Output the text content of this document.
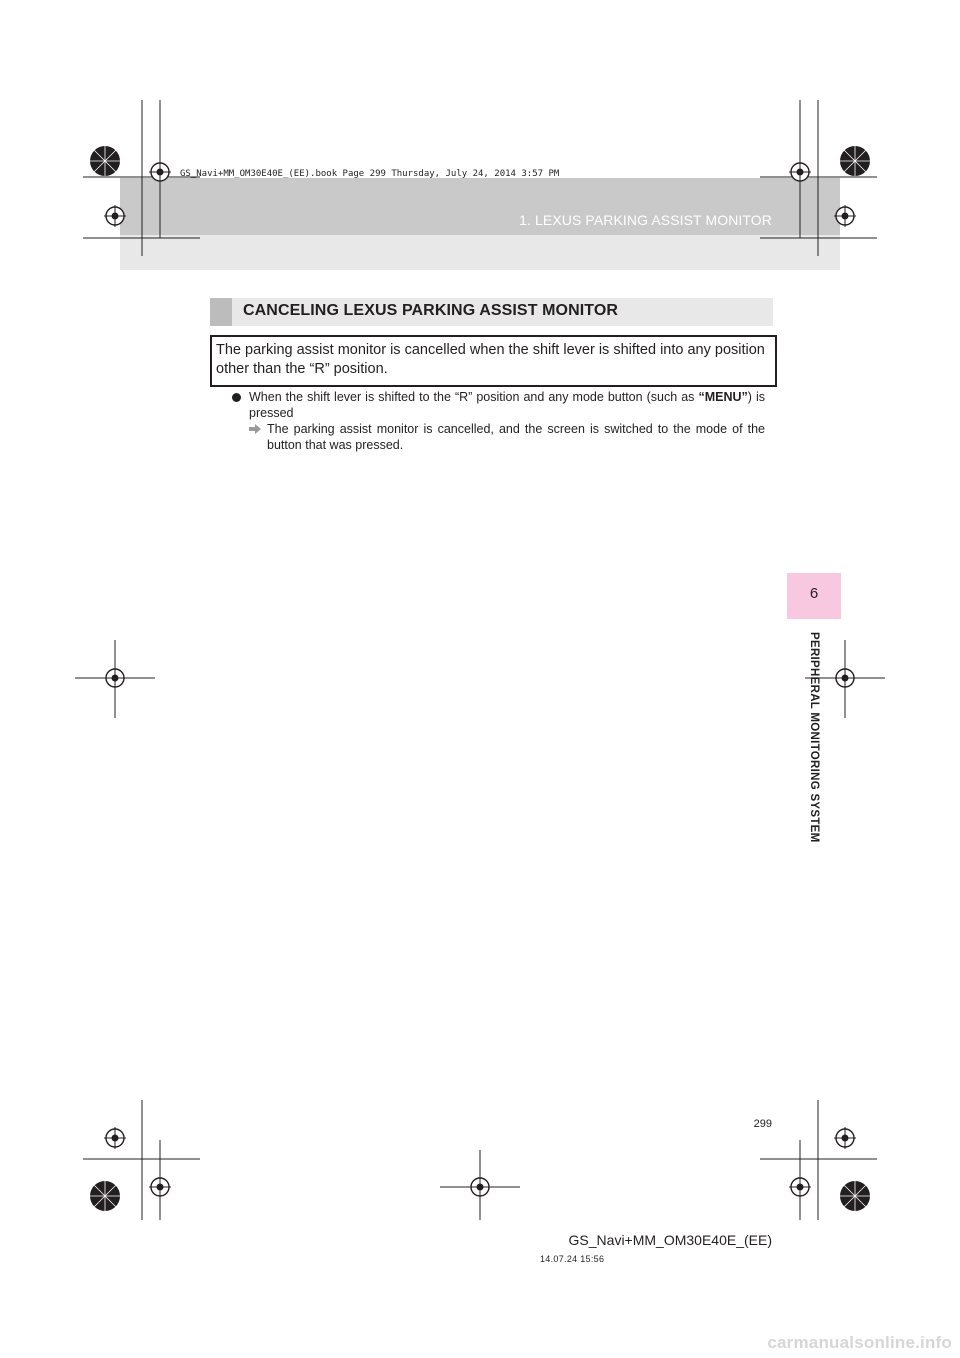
1. LEXUS PARKING ASSIST MONITOR
GS_Navi+MM_OM30E40E_(EE).book Page 299 Thursday, July 24, 2014 3:57 PM
6
PERIPHERAL MONITORING SYSTEM
CANCELING LEXUS PARKING ASSIST MONITOR
The parking assist monitor is cancelled when the shift lever is shifted into any position other than the “R” position.
When the shift lever is shifted to the “R” position and any mode button (such as “MENU”) is pressed
The parking assist monitor is cancelled, and the screen is switched to the mode of the button that was pressed.
299
GS_Navi+MM_OM30E40E_(EE)
14.07.24 15:56
carmanualsonline.info
